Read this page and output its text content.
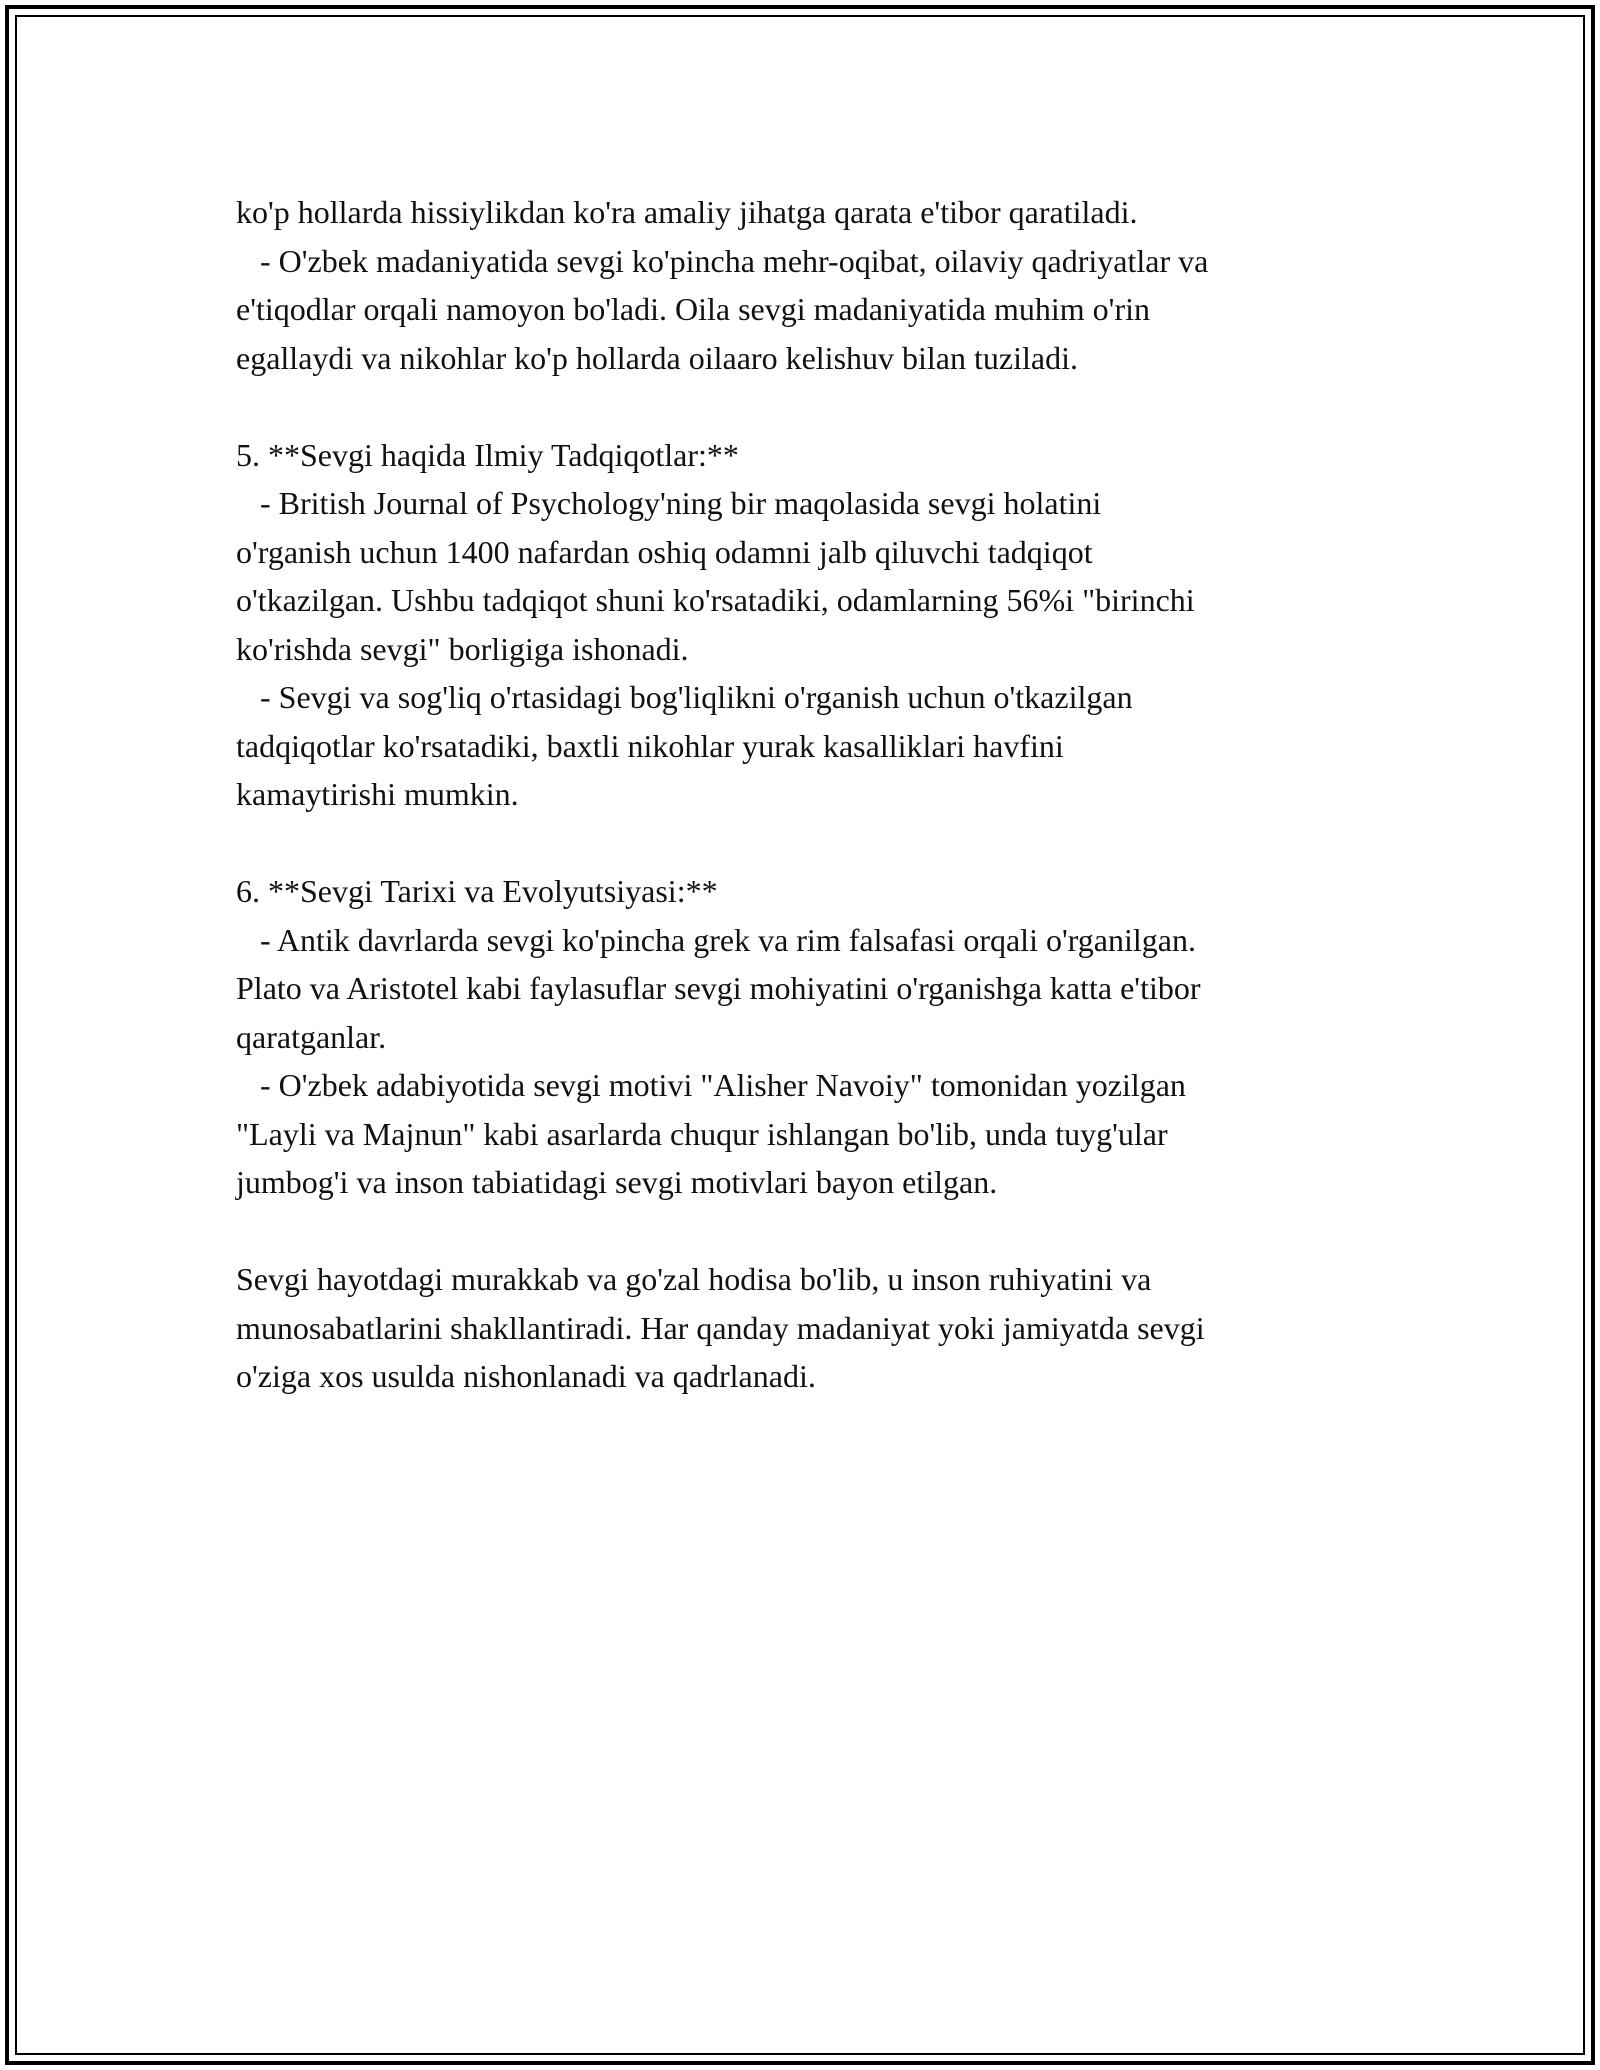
ko'p hollarda hissiylikdan ko'ra amaliy jihatga qarata e'tibor qaratiladi.
- O'zbek madaniyatida sevgi ko'pincha mehr-oqibat, oilaviy qadriyatlar va
e'tiqodlar orqali namoyon bo'ladi. Oila sevgi madaniyatida muhim o'rin
egallaydi va nikohlar ko'p hollarda oilaaro kelishuv bilan tuziladi.
5. **Sevgi haqida Ilmiy Tadqiqotlar:**
- British Journal of Psychology'ning bir maqolasida sevgi holatini
o'rganish uchun 1400 nafardan oshiq odamni jalb qiluvchi tadqiqot
o'tkazilgan. Ushbu tadqiqot shuni ko'rsatadiki, odamlarning 56%i "birinchi
ko'rishda sevgi" borligiga ishonadi.
- Sevgi va sog'liq o'rtasidagi bog'liqlikni o'rganish uchun o'tkazilgan
tadqiqotlar ko'rsatadiki, baxtli nikohlar yurak kasalliklari havfini
kamaytirishi mumkin.
6. **Sevgi Tarixi va Evolyutsiyasi:**
- Antik davrlarda sevgi ko'pincha grek va rim falsafasi orqali o'rganilgan.
Plato va Aristotel kabi faylasuflar sevgi mohiyatini o'rganishga katta e'tibor
qaratganlar.
- O'zbek adabiyotida sevgi motivi "Alisher Navoiy" tomonidan yozilgan
"Layli va Majnun" kabi asarlarda chuqur ishlangan bo'lib, unda tuyg'ular
jumbog'i va inson tabiatidagi sevgi motivlari bayon etilgan.
Sevgi hayotdagi murakkab va go'zal hodisa bo'lib, u inson ruhiyatini va
munosabatlarini shakllantiradi. Har qanday madaniyat yoki jamiyatda sevgi
o'ziga xos usulda nishonlanadi va qadrlanadi.
